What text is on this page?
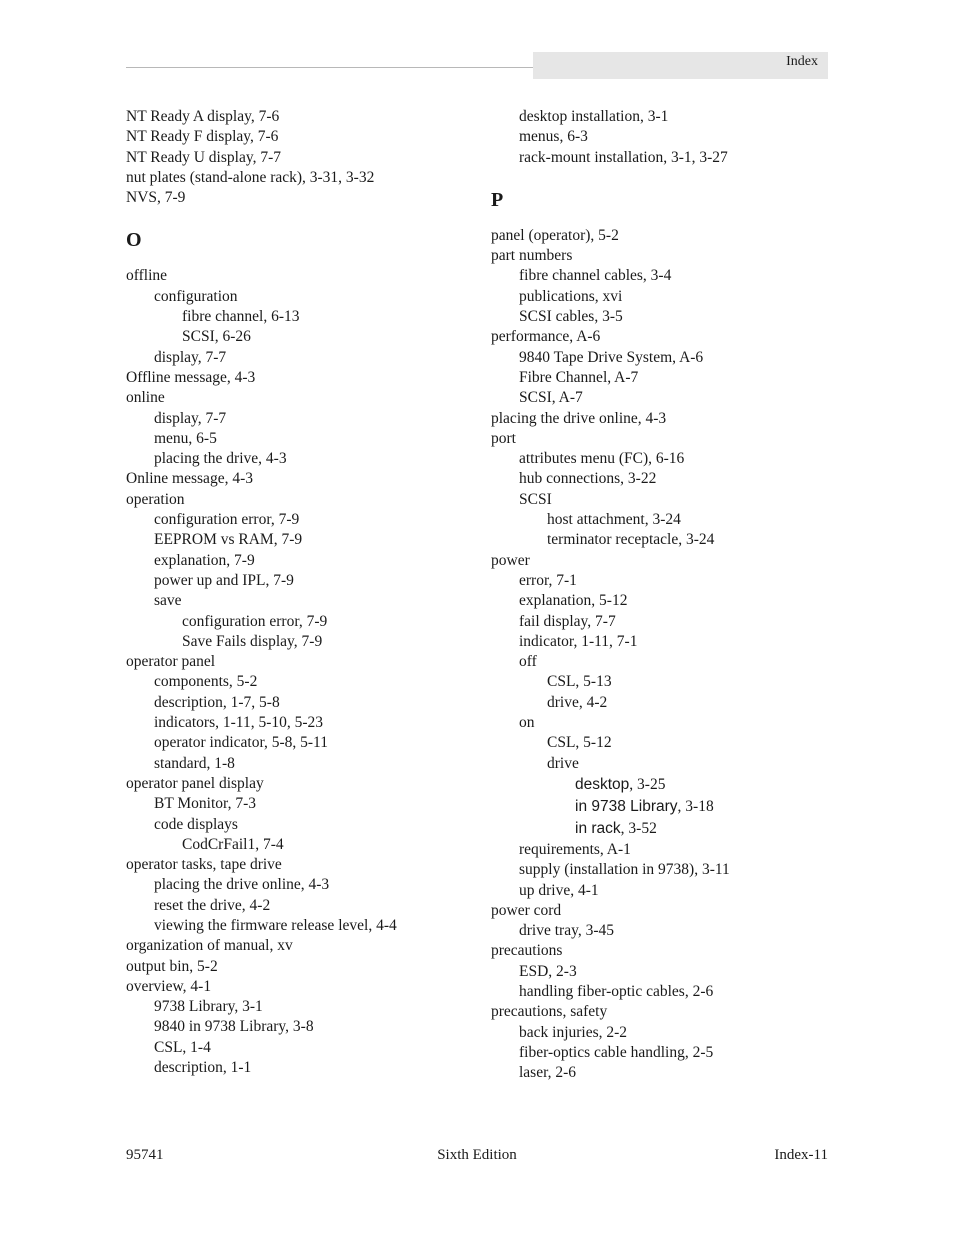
Index
NT Ready A display, 7-6
NT Ready F display, 7-6
NT Ready U display, 7-7
nut plates (stand-alone rack), 3-31, 3-32
NVS, 7-9
O
offline
configuration
fibre channel, 6-13
SCSI, 6-26
display, 7-7
Offline message, 4-3
online
display, 7-7
menu, 6-5
placing the drive, 4-3
Online message, 4-3
operation
configuration error, 7-9
EEPROM vs RAM, 7-9
explanation, 7-9
power up and IPL, 7-9
save
configuration error, 7-9
Save Fails display, 7-9
operator panel
components, 5-2
description, 1-7, 5-8
indicators, 1-11, 5-10, 5-23
operator indicator, 5-8, 5-11
standard, 1-8
operator panel display
BT Monitor, 7-3
code displays
CodCrFail1, 7-4
operator tasks, tape drive
placing the drive online, 4-3
reset the drive, 4-2
viewing the firmware release level, 4-4
organization of manual, xv
output bin, 5-2
overview, 4-1
9738 Library, 3-1
9840 in 9738 Library, 3-8
CSL, 1-4
description, 1-1
desktop installation, 3-1
menus, 6-3
rack-mount installation, 3-1, 3-27
P
panel (operator), 5-2
part numbers
fibre channel cables, 3-4
publications, xvi
SCSI cables, 3-5
performance, A-6
9840 Tape Drive System, A-6
Fibre Channel, A-7
SCSI, A-7
placing the drive online, 4-3
port
attributes menu (FC), 6-16
hub connections, 3-22
SCSI
host attachment, 3-24
terminator receptacle, 3-24
power
error, 7-1
explanation, 5-12
fail display, 7-7
indicator, 1-11, 7-1
off
CSL, 5-13
drive, 4-2
on
CSL, 5-12
drive
desktop, 3-25
in 9738 Library, 3-18
in rack, 3-52
requirements, A-1
supply (installation in 9738), 3-11
up drive, 4-1
power cord
drive tray, 3-45
precautions
ESD, 2-3
handling fiber-optic cables, 2-6
precautions, safety
back injuries, 2-2
fiber-optics cable handling, 2-5
laser, 2-6
95741	Sixth Edition	Index-11
